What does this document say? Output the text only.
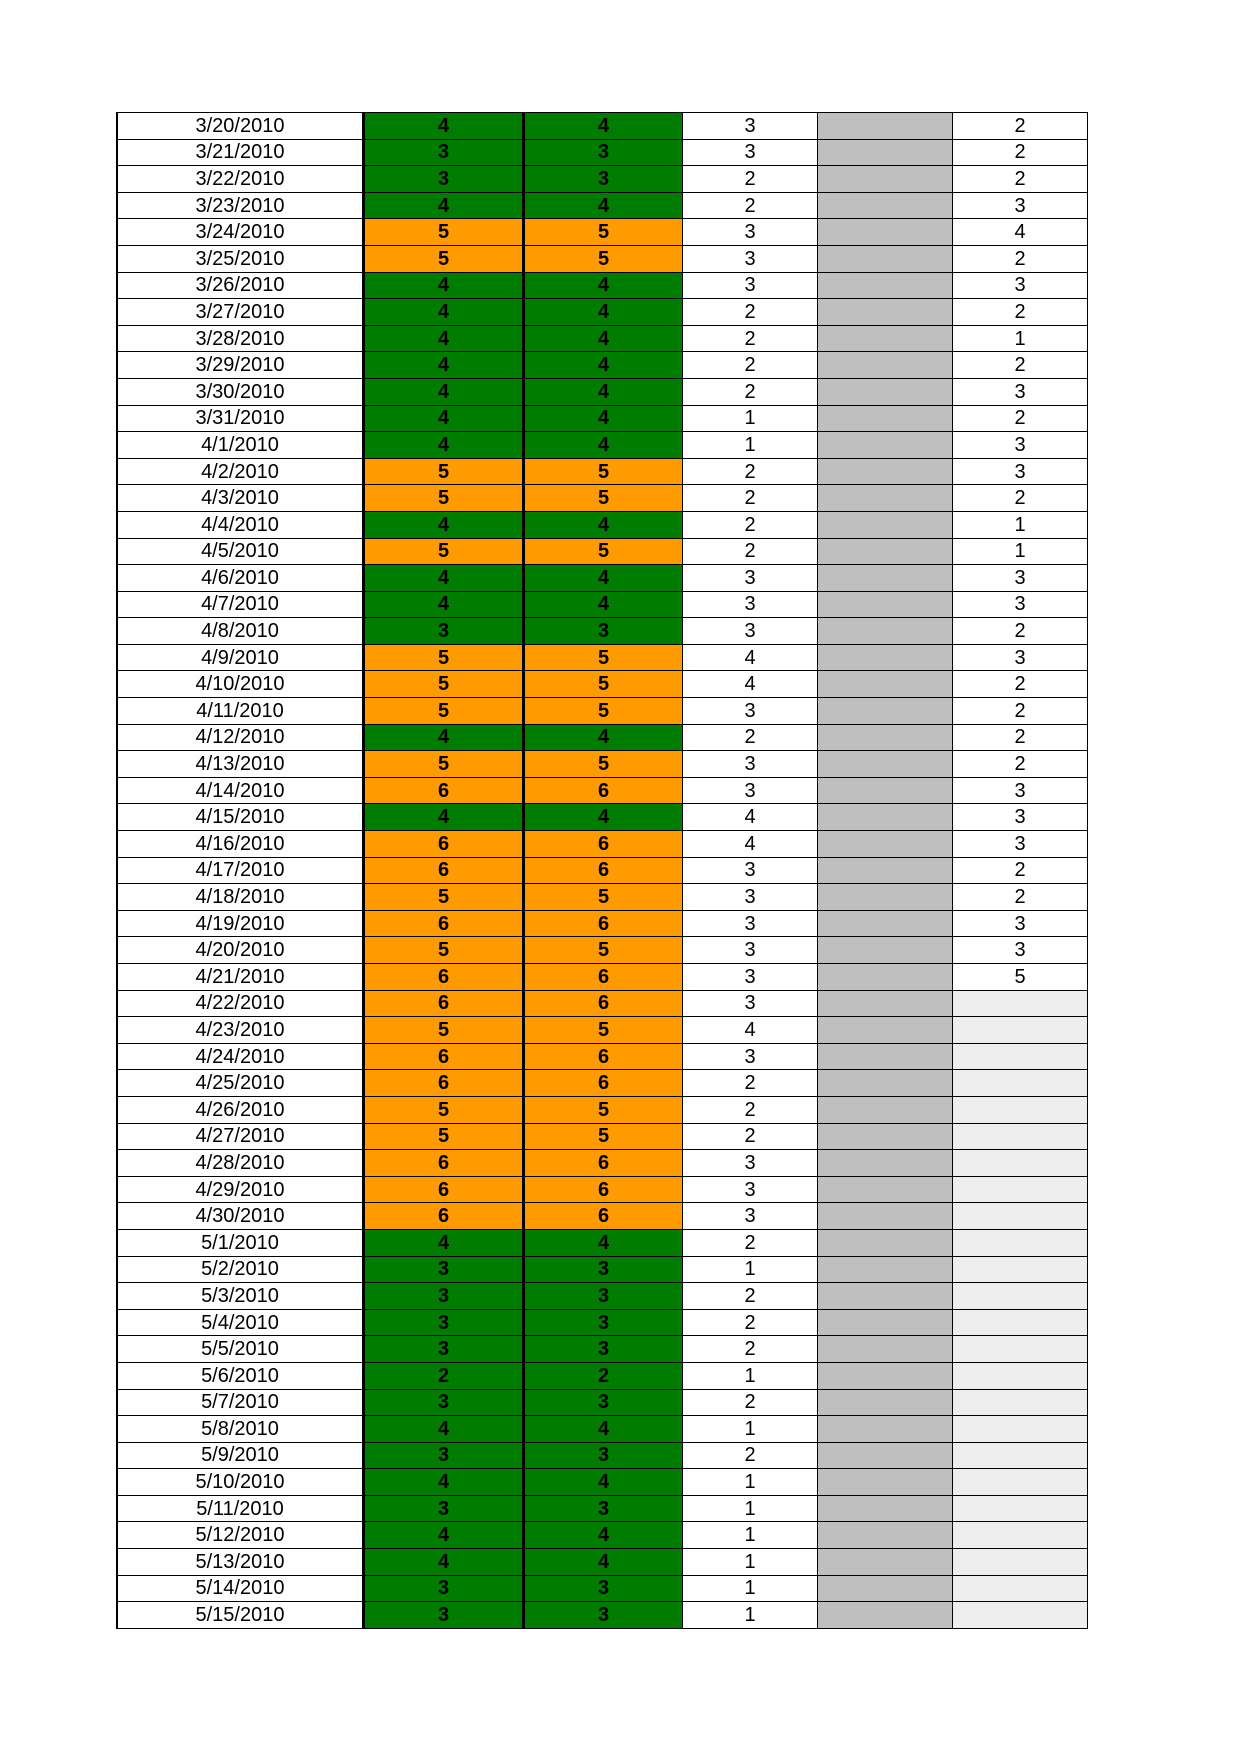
3/20/2010	4	4	3		2
3/21/2010	3	3	3		2
3/22/2010	3	3	2		2
3/23/2010	4	4	2		3
3/24/2010	5	5	3		4
3/25/2010	5	5	3		2
3/26/2010	4	4	3		3
3/27/2010	4	4	2		2
3/28/2010	4	4	2		1
3/29/2010	4	4	2		2
3/30/2010	4	4	2		3
3/31/2010	4	4	1		2
4/1/2010	4	4	1		3
4/2/2010	5	5	2		3
4/3/2010	5	5	2		2
4/4/2010	4	4	2		1
4/5/2010	5	5	2		1
4/6/2010	4	4	3		3
4/7/2010	4	4	3		3
4/8/2010	3	3	3		2
4/9/2010	5	5	4		3
4/10/2010	5	5	4		2
4/11/2010	5	5	3		2
4/12/2010	4	4	2		2
4/13/2010	5	5	3		2
4/14/2010	6	6	3		3
4/15/2010	4	4	4		3
4/16/2010	6	6	4		3
4/17/2010	6	6	3		2
4/18/2010	5	5	3		2
4/19/2010	6	6	3		3
4/20/2010	5	5	3		3
4/21/2010	6	6	3		5
4/22/2010	6	6	3		
4/23/2010	5	5	4		
4/24/2010	6	6	3		
4/25/2010	6	6	2		
4/26/2010	5	5	2		
4/27/2010	5	5	2		
4/28/2010	6	6	3		
4/29/2010	6	6	3		
4/30/2010	6	6	3		
5/1/2010	4	4	2		
5/2/2010	3	3	1		
5/3/2010	3	3	2		
5/4/2010	3	3	2		
5/5/2010	3	3	2		
5/6/2010	2	2	1		
5/7/2010	3	3	2		
5/8/2010	4	4	1		
5/9/2010	3	3	2		
5/10/2010	4	4	1		
5/11/2010	3	3	1		
5/12/2010	4	4	1		
5/13/2010	4	4	1		
5/14/2010	3	3	1		
5/15/2010	3	3	1		
